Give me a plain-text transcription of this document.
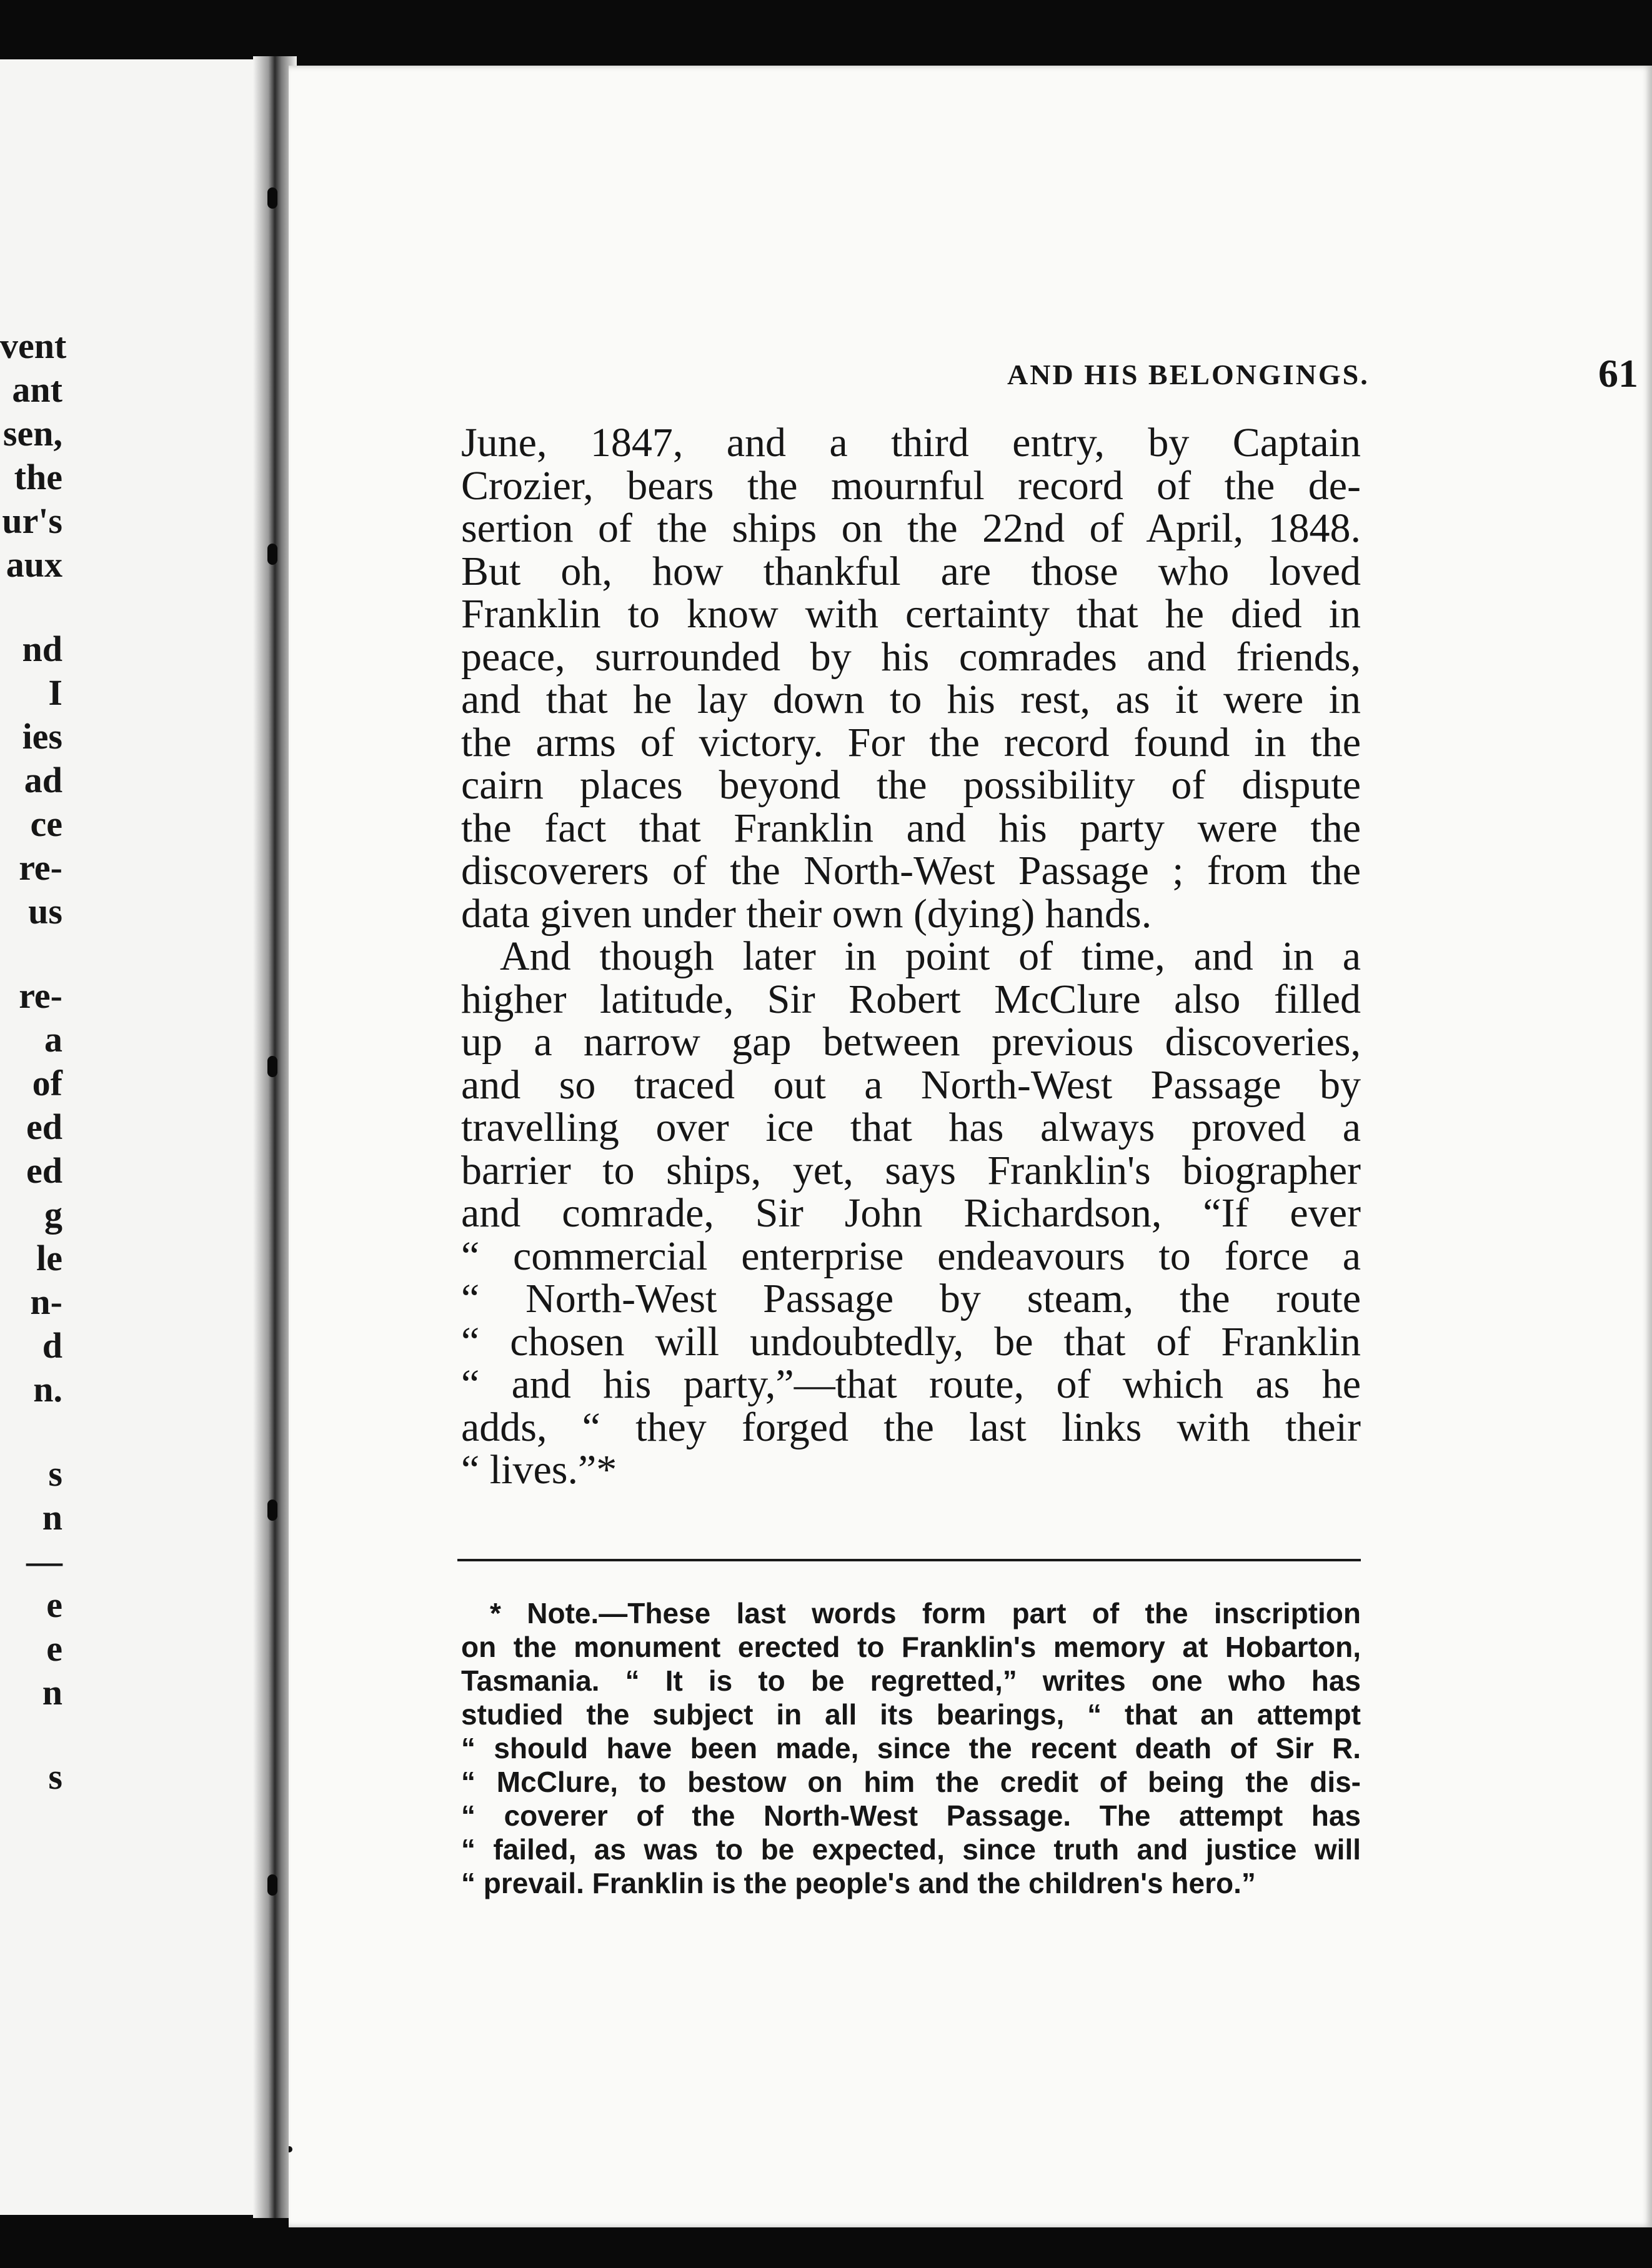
vent
ant
sen,
the
ur's
aux
nd
I
ies
ad
ce
re-
us
re-
a
of
ed
ed
g
le
n-
d
n.
s
n
—
e
e
n
s
AND HIS BELONGINGS.	61
June, 1847, and a third entry, by Captain
Crozier, bears the mournful record of the de-
sertion of the ships on the 22nd of April, 1848.
But oh, how thankful are those who loved
Franklin to know with certainty that he died in
peace, surrounded by his comrades and friends,
and that he lay down to his rest, as it were in
the arms of victory. For the record found in the
cairn places beyond the possibility of dispute
the fact that Franklin and his party were the
discoverers of the North-West Passage ; from the
data given under their own (dying) hands.
And though later in point of time, and in a
higher latitude, Sir Robert McClure also filled
up a narrow gap between previous discoveries,
and so traced out a North-West Passage by
travelling over ice that has always proved a
barrier to ships, yet, says Franklin's biographer
and comrade, Sir John Richardson, “If ever
“ commercial enterprise endeavours to force a
“ North-West Passage by steam, the route
“ chosen will undoubtedly, be that of Franklin
“ and his party,”—that route, of which as he
adds, “ they forged the last links with their
“ lives.”*
* Note.—These last words form part of the inscription
on the monument erected to Franklin's memory at Hobarton,
Tasmania. “ It is to be regretted,” writes one who has
studied the subject in all its bearings, “ that an attempt
“ should have been made, since the recent death of Sir R.
“ McClure, to bestow on him the credit of being the dis-
“ coverer of the North-West Passage. The attempt has
“ failed, as was to be expected, since truth and justice will
“ prevail. Franklin is the people's and the children's hero.”
